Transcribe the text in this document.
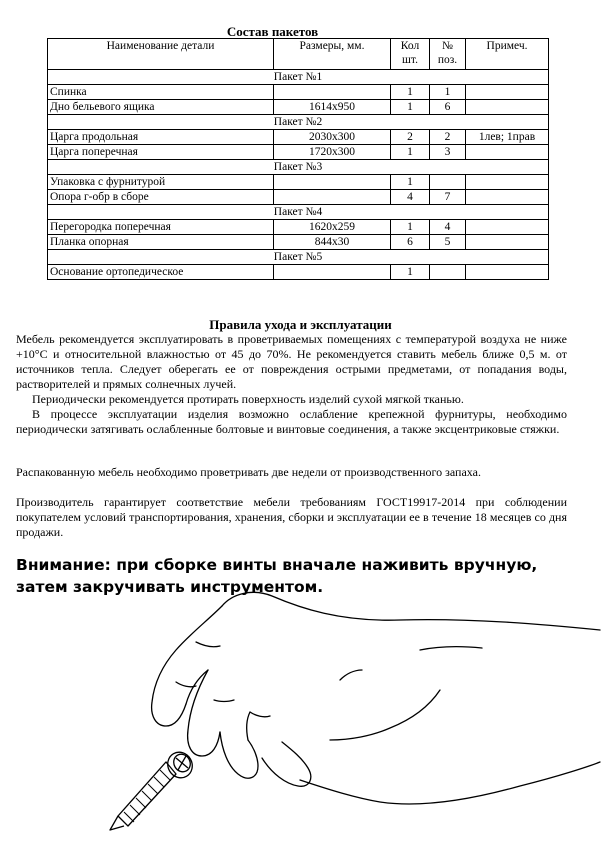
Состав пакетов
Наименование детали	Размеры, мм.	Кол шт.	№ поз.	Примеч.
Пакет №1				
Спинка		1	1	
Дно бельевого ящика	1614х950	1	6	
Пакет №2				
Царга продольная	2030х300	2	2	1лев; 1прав
Царга поперечная	1720х300	1	3	
Пакет №3				
Упаковка с фурнитурой		1		
Опора г-обр в сборе		4	7	
Пакет №4				
Перегородка поперечная	1620х259	1	4	
Планка опорная	844х30	6	5	
Пакет №5				
Основание ортопедическое		1		
Правила ухода и эксплуатации

Мебель рекомендуется эксплуатировать в проветриваемых помещениях с температурой воздуха не ниже +10°С и относительной влажностью от 45 до 70%. Не рекомендуется ставить мебель ближе 0,5 м. от источников тепла. Следует оберегать ее от повреждения острыми предметами, от попадания воды, растворителей и прямых солнечных лучей.

Периодически рекомендуется протирать поверхность изделий сухой мягкой тканью.

В процессе эксплуатации изделия возможно ослабление крепежной фурнитуры, необходимо периодически затягивать ослабленные болтовые и винтовые соединения, а также эксцентриковые стяжки.

Распакованную мебель необходимо проветривать две недели от производственного запаха.

Производитель гарантирует соответствие мебели требованиям ГОСТ19917-2014 при соблюдении покупателем условий транспортирования, хранения, сборки и эксплуатации ее в течение 18 месяцев со дня продажи.

Внимание: при сборке винты вначале наживить вручную, затем закручивать инструментом.
